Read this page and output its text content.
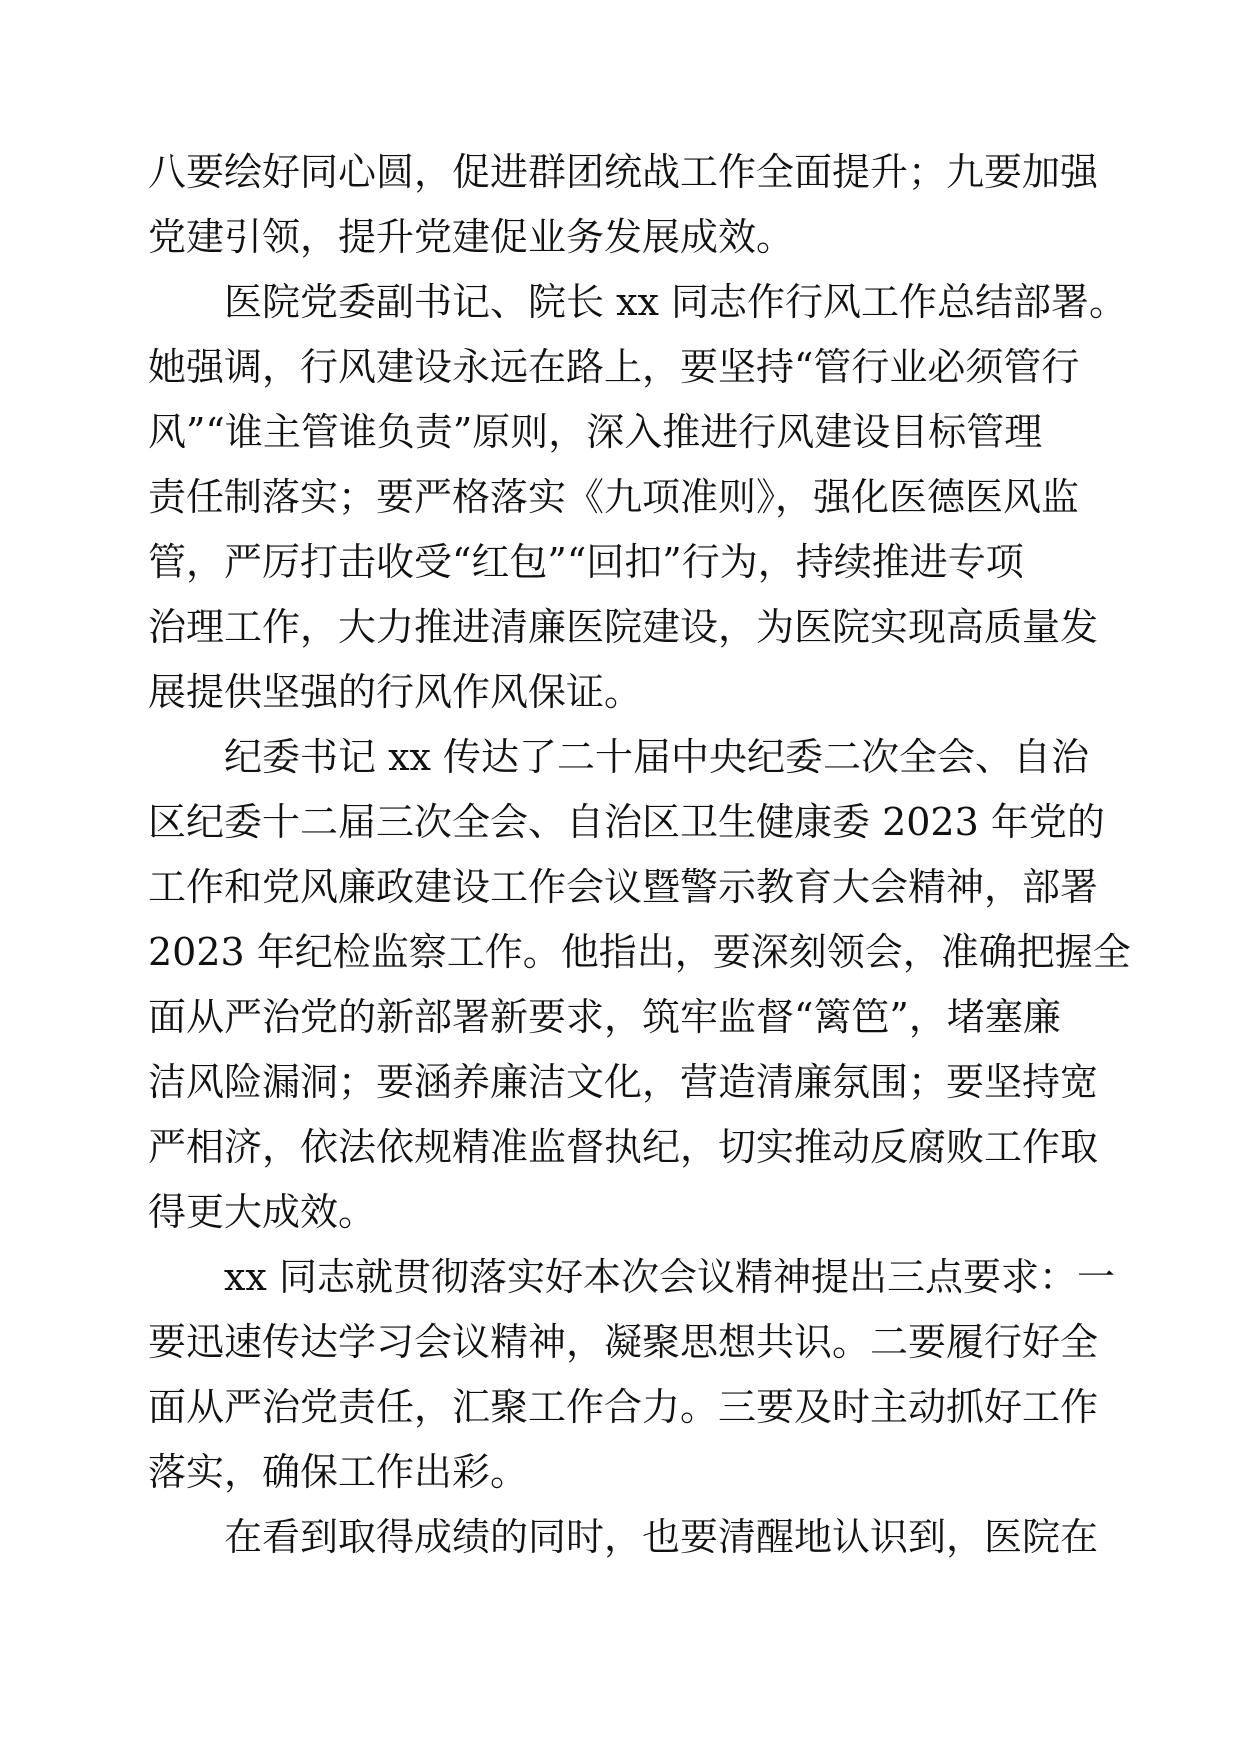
八要绘好同心圆，促进群团统战工作全面提升；九要加强
党建引领，提升党建促业务发展成效。
医院党委副书记、院长 xx 同志作行风工作总结部署。
她强调，行风建设永远在路上，要坚持“管行业必须管行
风”“谁主管谁负责”原则，深入推进行风建设目标管理
责任制落实；要严格落实《九项准则》，强化医德医风监
管，严厉打击收受“红包”“回扣”行为，持续推进专项
治理工作，大力推进清廉医院建设，为医院实现高质量发
展提供坚强的行风作风保证。
纪委书记 xx 传达了二十届中央纪委二次全会、自治
区纪委十二届三次全会、自治区卫生健康委 2023 年党的
工作和党风廉政建设工作会议暨警示教育大会精神，部署
2023 年纪检监察工作。他指出，要深刻领会，准确把握全
面从严治党的新部署新要求，筑牢监督“篱笆”，堵塞廉
洁风险漏洞；要涵养廉洁文化，营造清廉氛围；要坚持宽
严相济，依法依规精准监督执纪，切实推动反腐败工作取
得更大成效。
xx 同志就贯彻落实好本次会议精神提出三点要求：一
要迅速传达学习会议精神，凝聚思想共识。二要履行好全
面从严治党责任，汇聚工作合力。三要及时主动抓好工作
落实，确保工作出彩。
在看到取得成绩的同时，也要清醒地认识到，医院在
